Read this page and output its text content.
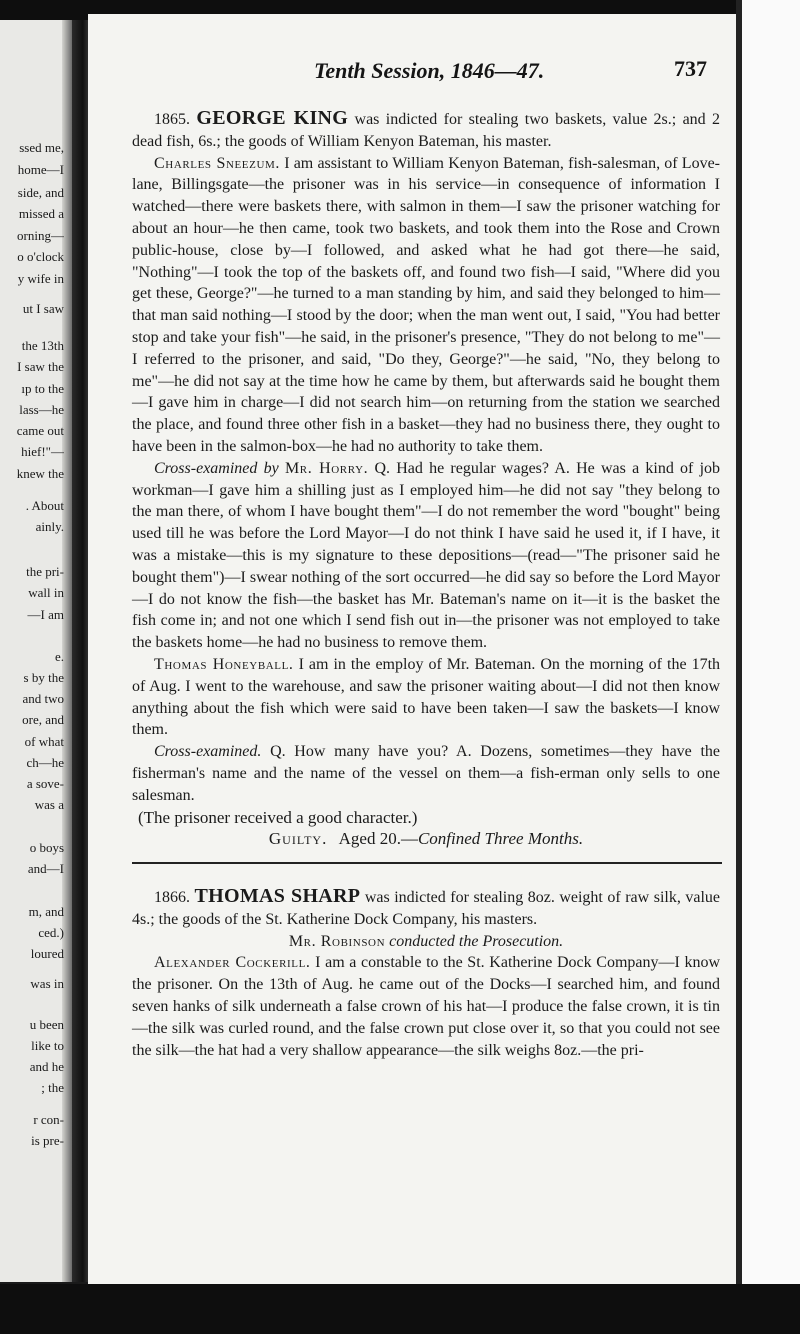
ssed me,
home—I
side, and
missed a
orning—
o o'clock
y wife in
ut I saw
the 13th
I saw the
ıp to the
lass—he
came out
hief!"—
knew the
. About
ainly.
the pri-
wall in
—I am
e.
s by the
and two
ore, and
of what
ch—he
a sove-
was a
o boys
and—I
m, and
ced.)
loured
was in
u been
like to
and he
; the
r con-
is pre-
Tenth Session, 1846—47.	737

1865. GEORGE KING was indicted for stealing two baskets, value 2s.; and 2 dead fish, 6s.; the goods of William Kenyon Bateman, his master.

Charles Sneezum. I am assistant to William Kenyon Bateman, fish-salesman, of Love-lane, Billingsgate—the prisoner was in his service—in consequence of information I watched—there were baskets there, with salmon in them—I saw the prisoner watching for about an hour—he then came, took two baskets, and took them into the Rose and Crown public-house, close by—I followed, and asked what he had got there—he said, "Nothing"—I took the top of the baskets off, and found two fish—I said, "Where did you get these, George?"—he turned to a man standing by him, and said they belonged to him—that man said nothing—I stood by the door; when the man went out, I said, "You had better stop and take your fish"—he said, in the prisoner's presence, "They do not belong to me"—I referred to the prisoner, and said, "Do they, George?"—he said, "No, they belong to me"—he did not say at the time how he came by them, but afterwards said he bought them—I gave him in charge—I did not search him—on returning from the station we searched the place, and found three other fish in a basket—they had no business there, they ought to have been in the salmon-box—he had no authority to take them.

Cross-examined by Mr. Horry. Q. Had he regular wages? A. He was a kind of job workman—I gave him a shilling just as I employed him—he did not say "they belong to the man there, of whom I have bought them"—I do not remember the word "bought" being used till he was before the Lord Mayor—I do not think I have said he used it, if I have, it was a mistake—this is my signature to these depositions—(read—"The prisoner said he bought them")—I swear nothing of the sort occurred—he did say so before the Lord Mayor—I do not know the fish—the basket has Mr. Bateman's name on it—it is the basket the fish come in; and not one which I send fish out in—the prisoner was not employed to take the baskets home—he had no business to remove them.

Thomas Honeyball. I am in the employ of Mr. Bateman. On the morning of the 17th of Aug. I went to the warehouse, and saw the prisoner waiting about—I did not then know anything about the fish which were said to have been taken—I saw the baskets—I know them.

Cross-examined. Q. How many have you? A. Dozens, sometimes—they have the fisherman's name and the name of the vessel on them—a fish-erman only sells to one salesman.

(The prisoner received a good character.)

Guilty. Aged 20.—Confined Three Months.

1866. THOMAS SHARP was indicted for stealing 8oz. weight of raw silk, value 4s.; the goods of the St. Katherine Dock Company, his masters.

Mr. Robinson conducted the Prosecution.

Alexander Cockerill. I am a constable to the St. Katherine Dock Company—I know the prisoner. On the 13th of Aug. he came out of the Docks—I searched him, and found seven hanks of silk underneath a false crown of his hat—I produce the false crown, it is tin—the silk was curled round, and the false crown put close over it, so that you could not see the silk—the hat had a very shallow appearance—the silk weighs 8oz.—the pri-
